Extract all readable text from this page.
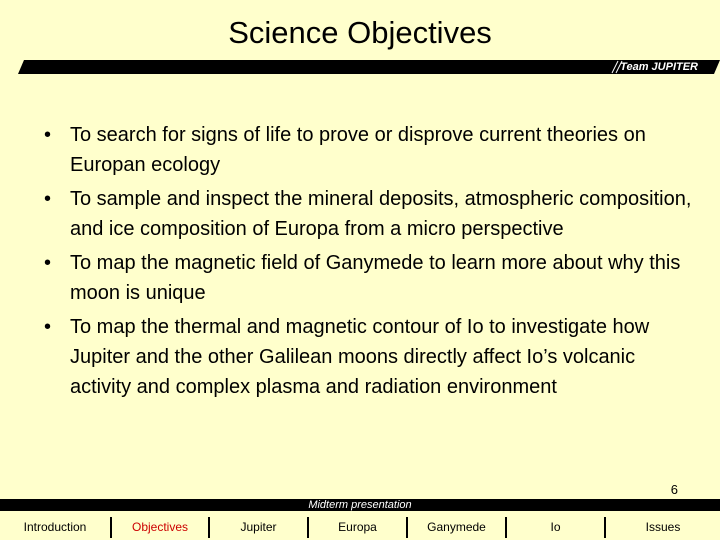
Science Objectives
Team JUPITER
• To search for signs of life to prove or disprove current theories on Europan ecology
• To sample and inspect the mineral deposits, atmospheric composition, and ice composition of Europa from a micro perspective
• To map the magnetic field of Ganymede to learn more about why this moon is unique
• To map the thermal and magnetic contour of Io to investigate how Jupiter and the other Galilean moons directly affect Io’s volcanic activity and complex plasma and radiation environment
6
Midterm presentation
Introduction	Objectives	Jupiter	Europa	Ganymede	Io	Issues
